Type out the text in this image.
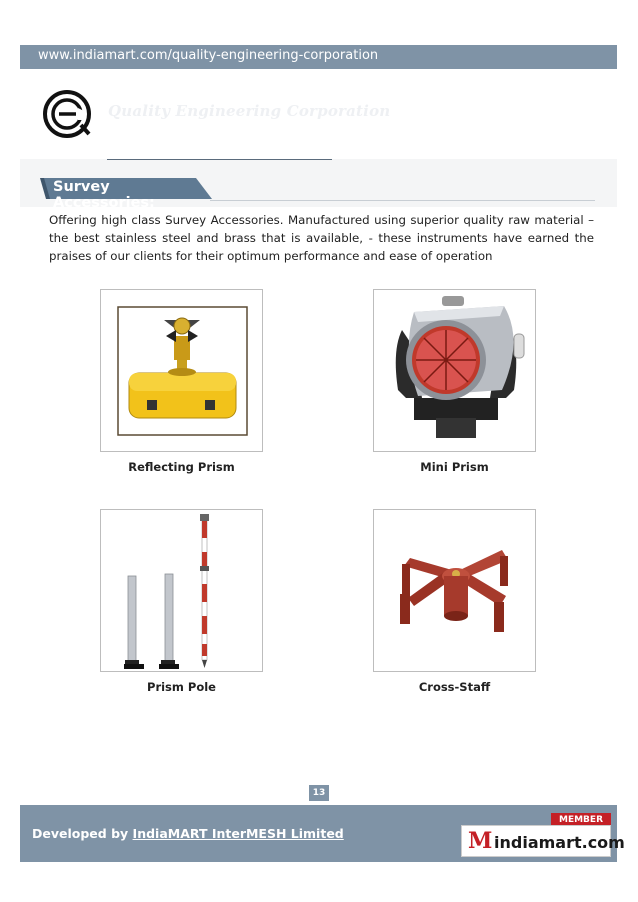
www.indiamart.com/quality-engineering-corporation
Quality Engineering Corporation
Survey Accessories:
Offering high class Survey Accessories. Manufactured using superior quality raw material – the best stainless steel and brass that is available, - these instruments have earned the praises of our clients for their optimum performance and ease of operation
Reflecting Prism	Mini Prism
Prism Pole	Cross-Staff
13
Developed by IndiaMART InterMESH Limited
MEMBER
M indiamart.com
